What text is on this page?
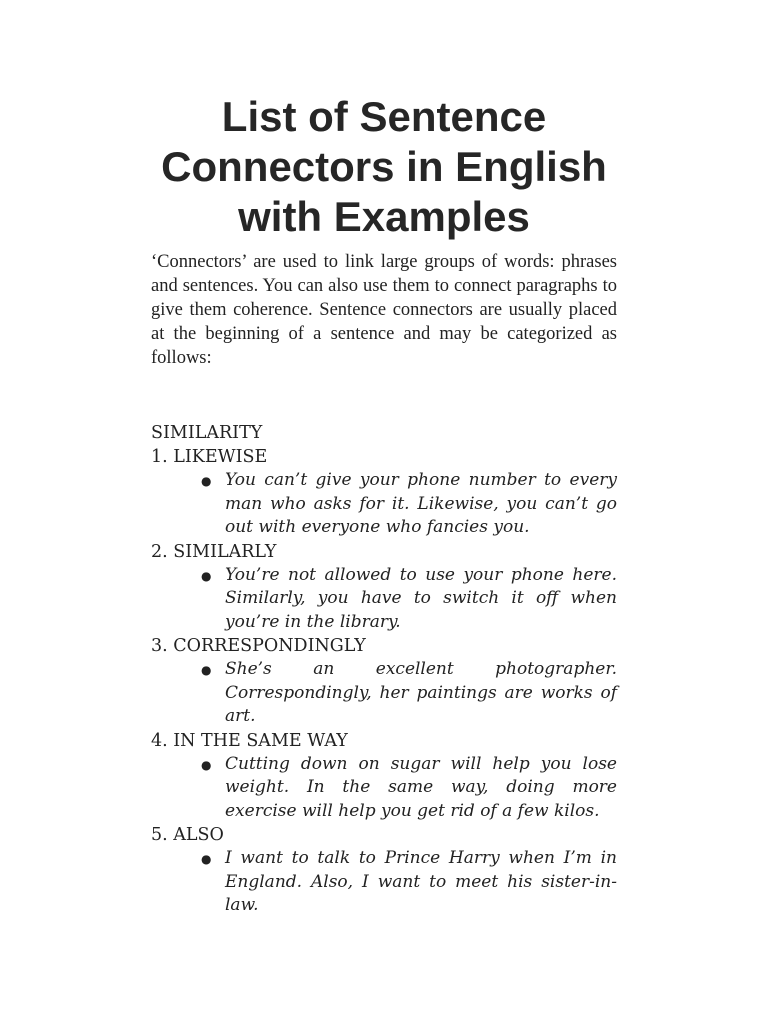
List of Sentence
Connectors in English
with Examples

‘Connectors’ are used to link large groups of words: phrases and sentences. You can also use them to connect paragraphs to give them coherence. Sentence connectors are usually placed at the beginning of a sentence and may be categorized as follows:

SIMILARITY
1. LIKEWISE
● You can’t give your phone number to every man who asks for it. Likewise, you can’t go out with everyone who fancies you.

2. SIMILARLY
● You’re not allowed to use your phone here. Similarly, you have to switch it off when you’re in the library.

3. CORRESPONDINGLY
● She’s an excellent photographer. Correspondingly, her paintings are works of art.

4. IN THE SAME WAY
● Cutting down on sugar will help you lose weight. In the same way, doing more exercise will help you get rid of a few kilos.

5. ALSO
● I want to talk to Prince Harry when I’m in England. Also, I want to meet his sister-in-law.
